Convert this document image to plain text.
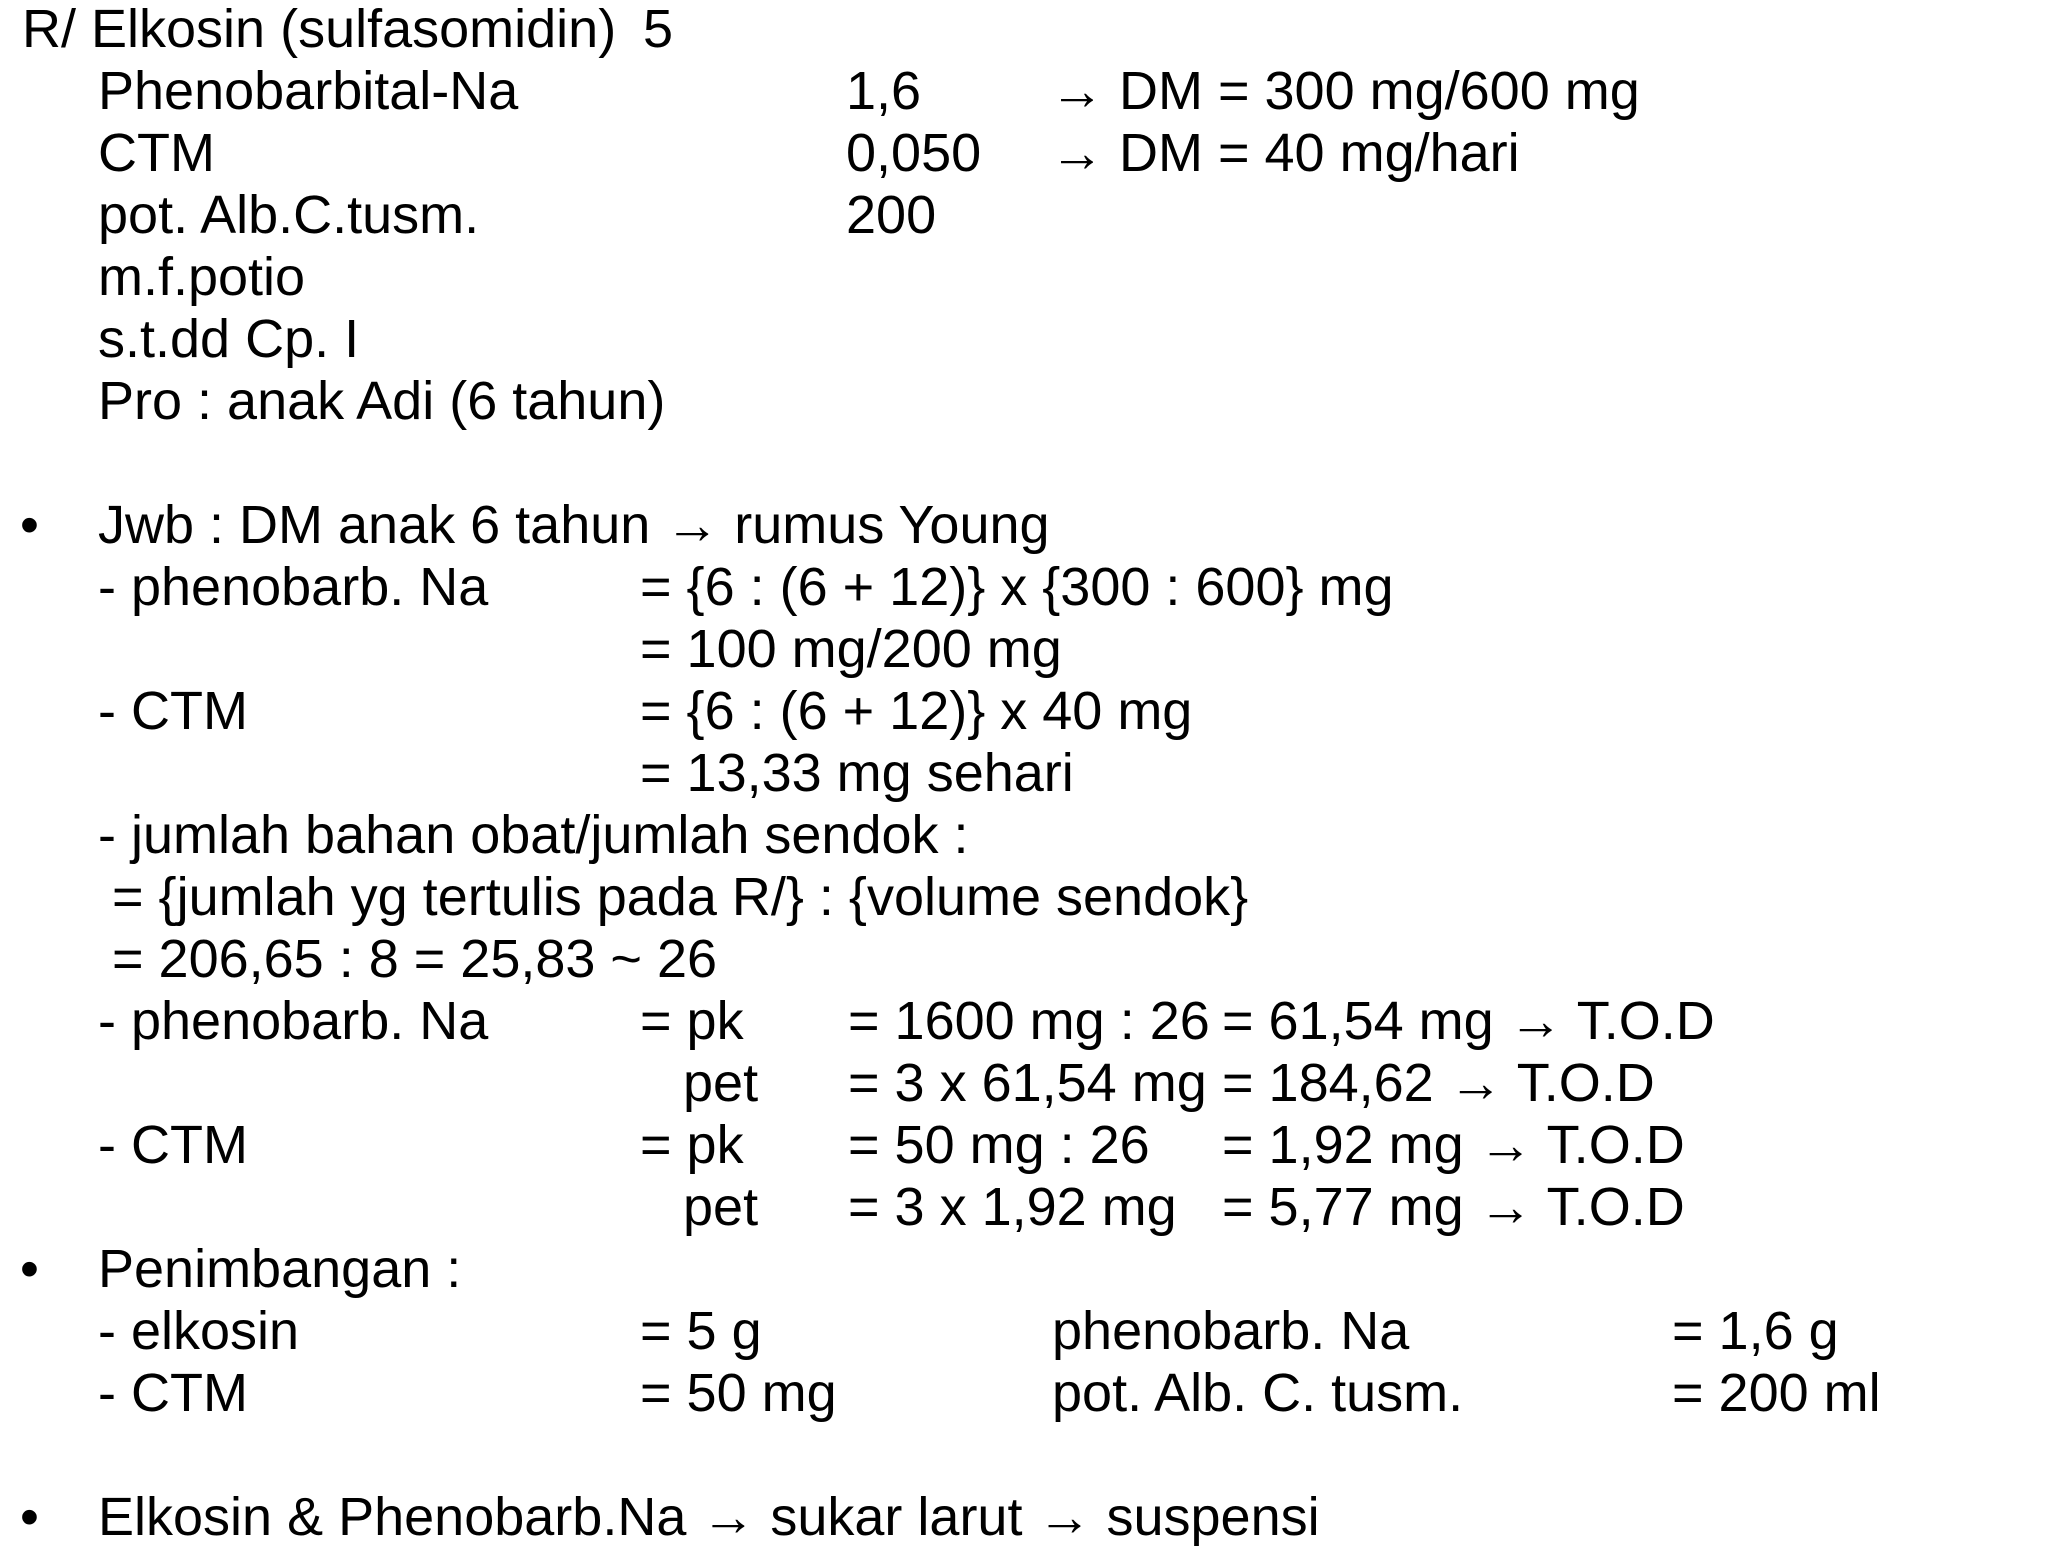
R/ Elkosin (sulfasomidin) 5
Phenobarbital-Na	1,6 → DM = 300 mg/600 mg
CTM	0,050 → DM = 40 mg/hari
pot. Alb.C.tusm.	200
m.f.potio
s.t.dd Cp. I
Pro : anak Adi (6 tahun)
• Jwb : DM anak 6 tahun → rumus Young
- phenobarb. Na	= {6 : (6 + 12)} x {300 : 600} mg
= 100 mg/200 mg
- CTM	= {6 : (6 + 12)} x 40 mg
= 13,33 mg sehari
- jumlah bahan obat/jumlah sendok :
= {jumlah yg tertulis pada R/} : {volume sendok}
= 206,65 : 8 = 25,83 ~ 26
- phenobarb. Na	= pk = 1600 mg : 26 = 61,54 mg → T.O.D
pet = 3 x 61,54 mg = 184,62 → T.O.D
- CTM	= pk = 50 mg : 26 = 1,92 mg → T.O.D
pet = 3 x 1,92 mg = 5,77 mg → T.O.D
• Penimbangan :
- elkosin	= 5 g	phenobarb. Na	= 1,6 g
- CTM	= 50 mg	pot. Alb. C. tusm.	= 200 ml
• Elkosin & Phenobarb.Na → sukar larut → suspensi
